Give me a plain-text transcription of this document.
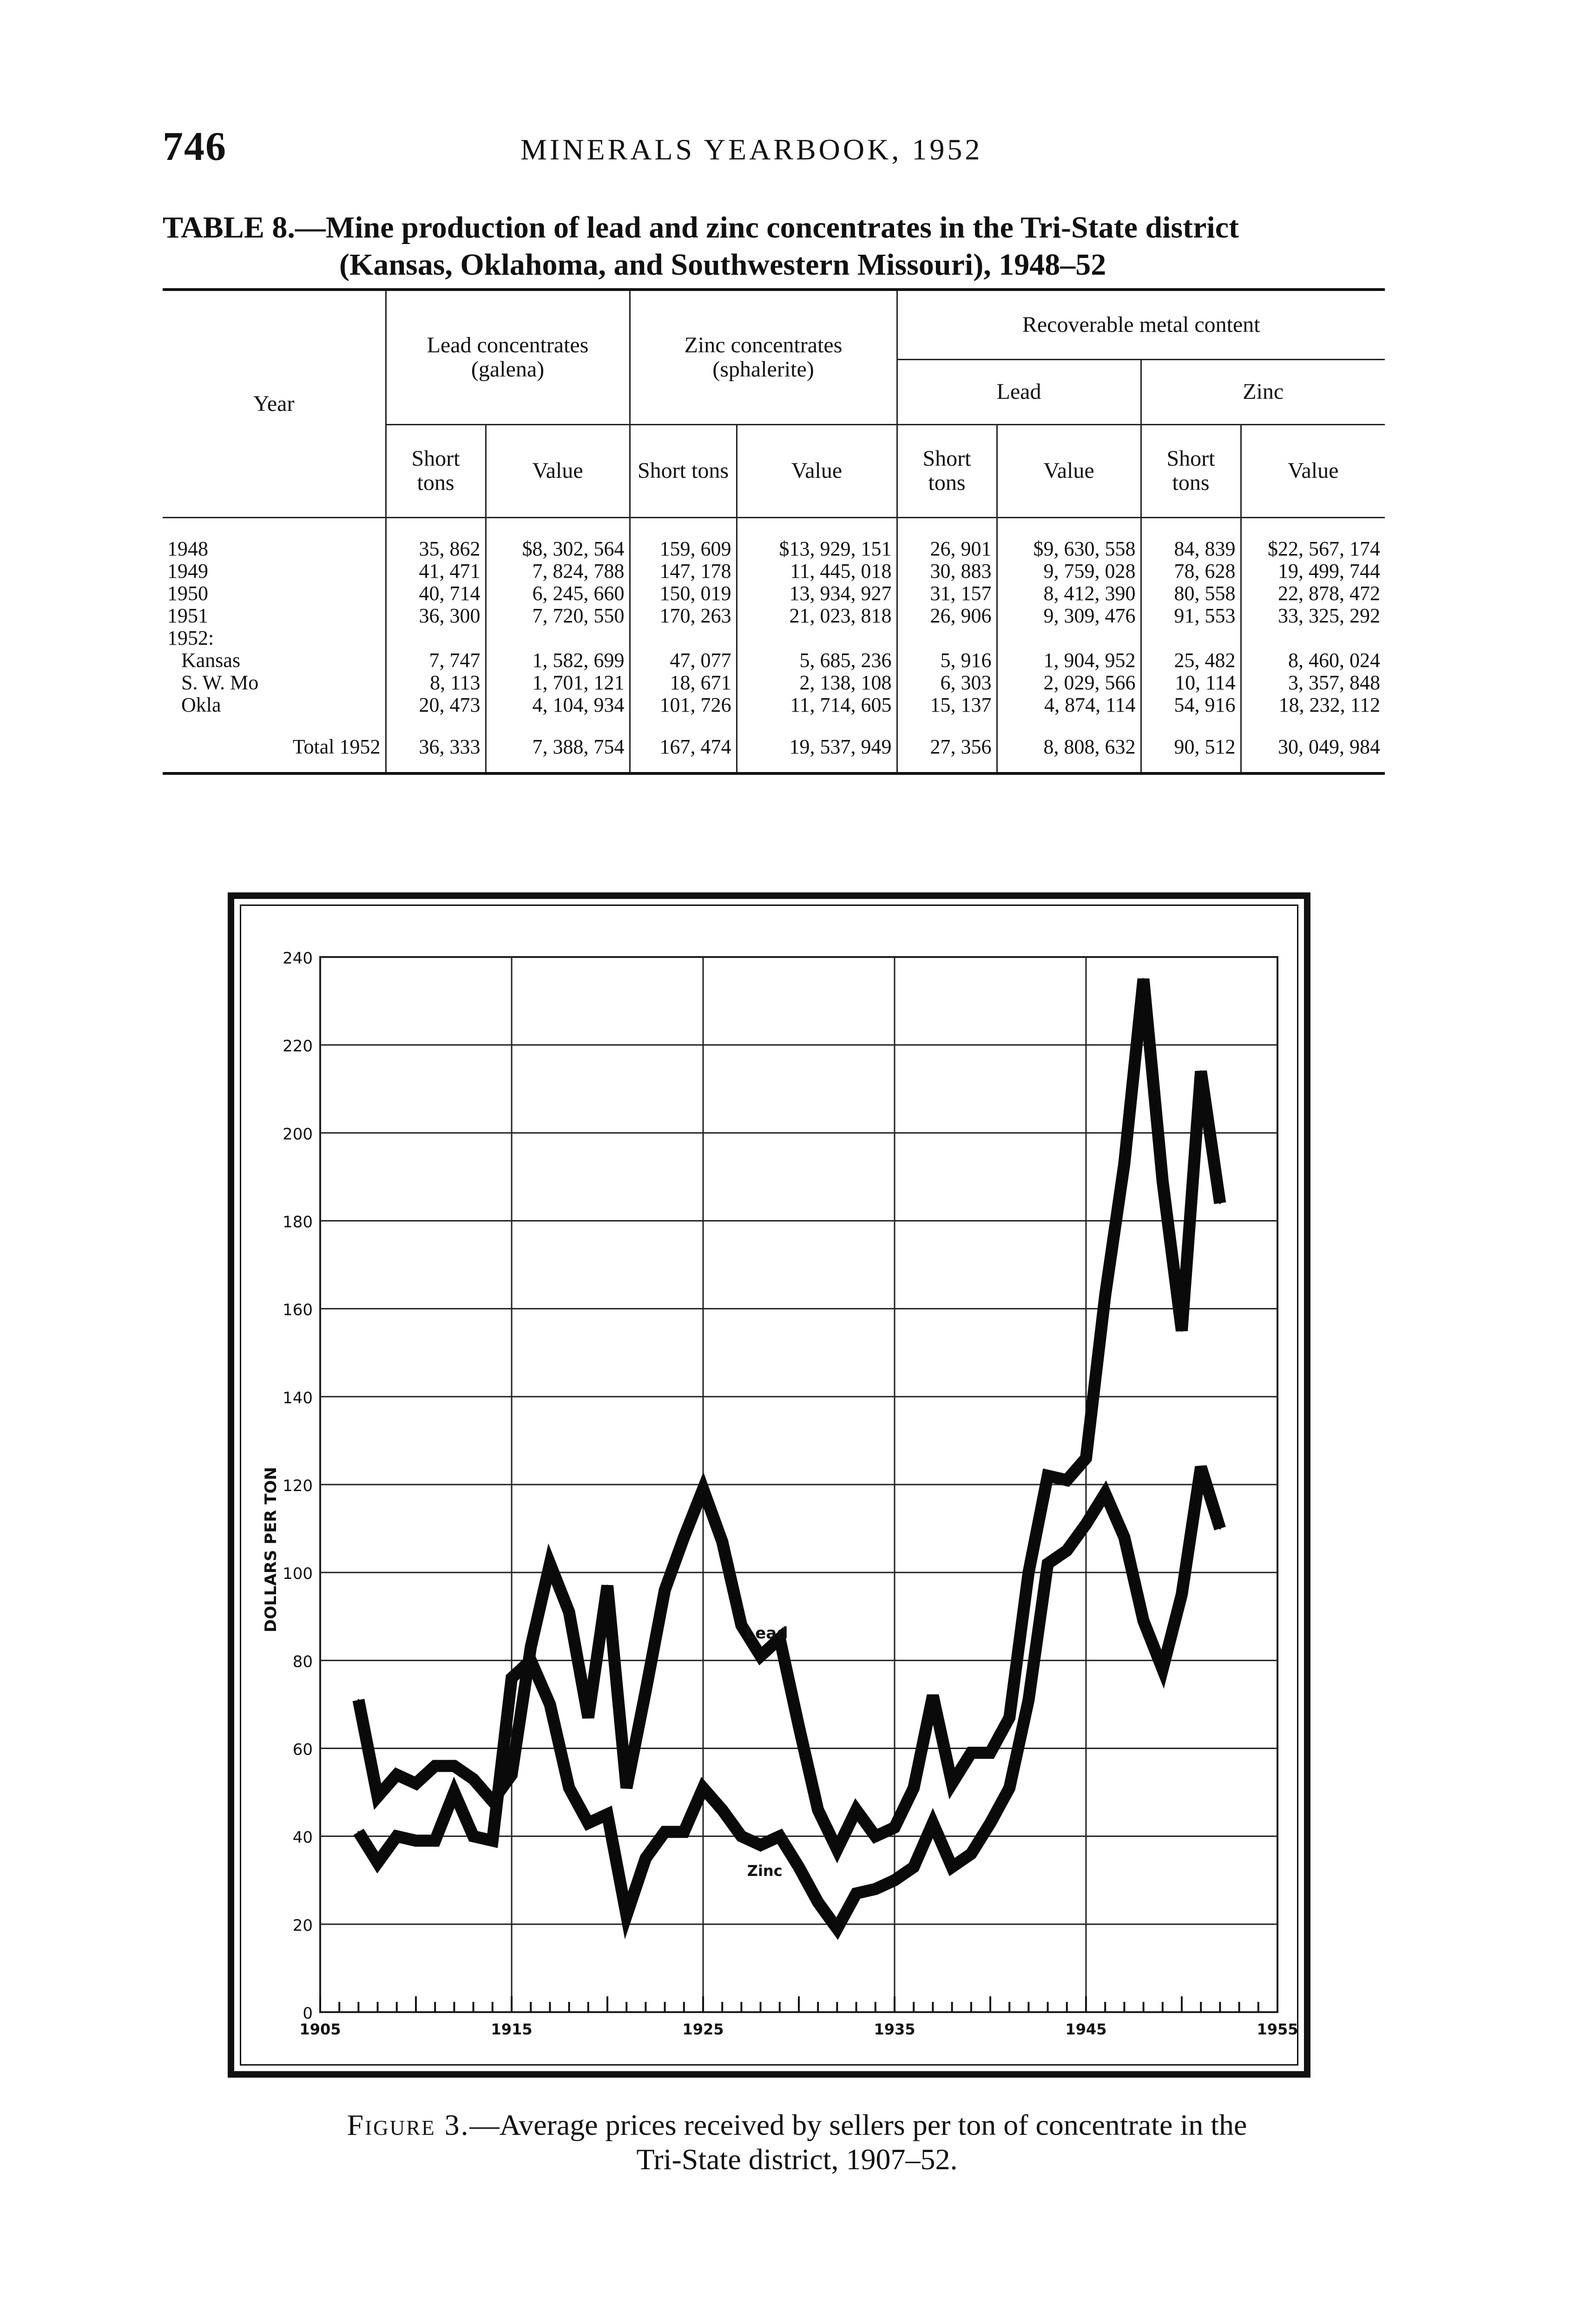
746	MINERALS YEARBOOK, 1952
TABLE 8.—Mine production of lead and zinc concentrates in the Tri-State district
(Kansas, Oklahoma, and Southwestern Missouri), 1948–52
Year	Lead concentrates (galena)		Zinc concentrates (sphalerite)		Recoverable metal content			
					Lead		Zinc	
	Short tons	Value	Short tons	Value	Short tons	Value	Short tons	Value
1948	35, 862	$8, 302, 564	159, 609	$13, 929, 151	26, 901	$9, 630, 558	84, 839	$22, 567, 174
1949	41, 471	7, 824, 788	147, 178	11, 445, 018	30, 883	9, 759, 028	78, 628	19, 499, 744
1950	40, 714	6, 245, 660	150, 019	13, 934, 927	31, 157	8, 412, 390	80, 558	22, 878, 472
1951	36, 300	7, 720, 550	170, 263	21, 023, 818	26, 906	9, 309, 476	91, 553	33, 325, 292
1952:								
Kansas	7, 747	1, 582, 699	47, 077	5, 685, 236	5, 916	1, 904, 952	25, 482	8, 460, 024
S. W. Mo	8, 113	1, 701, 121	18, 671	2, 138, 108	6, 303	2, 029, 566	10, 114	3, 357, 848
Okla	20, 473	4, 104, 934	101, 726	11, 714, 605	15, 137	4, 874, 114	54, 916	18, 232, 112
Total 1952	36, 333	7, 388, 754	167, 474	19, 537, 949	27, 356	8, 808, 632	90, 512	30, 049, 984
0
20
40
60
80
100
120
140
160
180
200
220
240
1905	1915	1925	1935	1945	1955
DOLLARS PER TON
Lead
Zinc
Figure 3.—Average prices received by sellers per ton of concentrate in the
Tri-State district, 1907–52.
